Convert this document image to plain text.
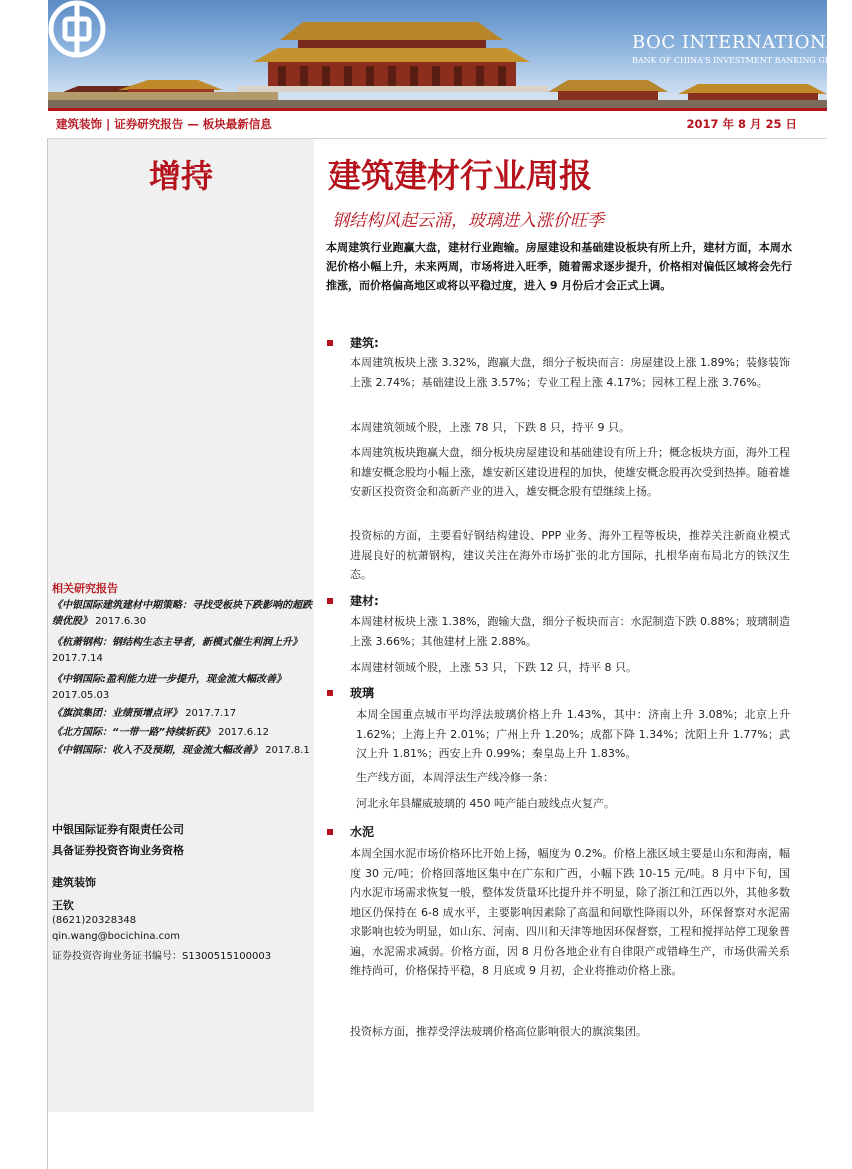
BOC INTERNATIONAL
BANK OF CHINA'S INVESTMENT BANKING GROUP
建筑装饰 | 证券研究报告 — 板块最新信息	2017 年 8 月 25 日
增持
相关研究报告

《中银国际建筑建材中期策略：寻找受板块下跌影响的超跌绩优股》 2017.6.30

《杭萧钢构：钢结构生态主导者，新模式催生利润上升》 2017.7.14

《中钢国际:盈利能力进一步提升，现金流大幅改善》 2017.05.03

《旗滨集团：业绩预增点评》 2017.7.17

《北方国际：“一带一路”持续斩获》 2017.6.12

《中钢国际：收入不及预期，现金流大幅改善》 2017.8.1

中银国际证券有限责任公司
具备证券投资咨询业务资格
建筑装饰
王钦
(8621)20328348
qin.wang@bocichina.com
证券投资咨询业务证书编号：S1300515100003
建筑建材行业周报
钢结构风起云涌，玻璃进入涨价旺季
本周建筑行业跑赢大盘，建材行业跑输。房屋建设和基础建设板块有所上升，建材方面，本周水泥价格小幅上升，未来两周，市场将进入旺季，随着需求逐步提升，价格相对偏低区域将会先行推涨，而价格偏高地区或将以平稳过度，进入 9 月份后才会正式上调。
建筑:
本周建筑板块上涨 3.32%，跑赢大盘，细分子板块而言：房屋建设上涨 1.89%；装修装饰上涨 2.74%；基础建设上涨 3.57%；专业工程上涨 4.17%；园林工程上涨 3.76%。
本周建筑领域个股，上涨 78 只，下跌 8 只，持平 9 只。
本周建筑板块跑赢大盘，细分板块房屋建设和基础建设有所上升；概念板块方面，海外工程和雄安概念股均小幅上涨，雄安新区建设进程的加快，使雄安概念股再次受到热捧。随着雄安新区投资资金和高新产业的进入，雄安概念股有望继续上扬。
投资标的方面，主要看好钢结构建设、PPP 业务、海外工程等板块，推荐关注新商业模式进展良好的杭萧钢构，建议关注在海外市场扩张的北方国际，扎根华南布局北方的铁汉生态。
建材:
本周建材板块上涨 1.38%，跑输大盘，细分子板块而言：水泥制造下跌 0.88%；玻璃制造上涨 3.66%；其他建材上涨 2.88%。
本周建材领域个股，上涨 53 只，下跌 12 只，持平 8 只。
玻璃
本周全国重点城市平均浮法玻璃价格上升 1.43%，其中：济南上升 3.08%；北京上升 1.62%；上海上升 2.01%；广州上升 1.20%；成都下降 1.34%；沈阳上升 1.77%；武汉上升 1.81%；西安上升 0.99%；秦皇岛上升 1.83%。
生产线方面，本周浮法生产线冷修一条：
河北永年县耀威玻璃的 450 吨产能白玻线点火复产。
水泥
本周全国水泥市场价格环比开始上扬，幅度为 0.2%。价格上涨区域主要是山东和海南，幅度 30 元/吨；价格回落地区集中在广东和广西，小幅下跌 10-15 元/吨。8 月中下旬，国内水泥市场需求恢复一般，整体发货量环比提升并不明显，除了浙江和江西以外，其他多数地区仍保持在 6-8 成水平，主要影响因素除了高温和间歇性降雨以外，环保督察对水泥需求影响也较为明显，如山东、河南、四川和天津等地因环保督察，工程和搅拌站停工现象普遍，水泥需求减弱。价格方面，因 8 月份各地企业有自律限产或错峰生产，市场供需关系维持尚可，价格保持平稳，8 月底或 9 月初，企业将推动价格上涨。
投资标方面，推荐受浮法玻璃价格高位影响很大的旗滨集团。
